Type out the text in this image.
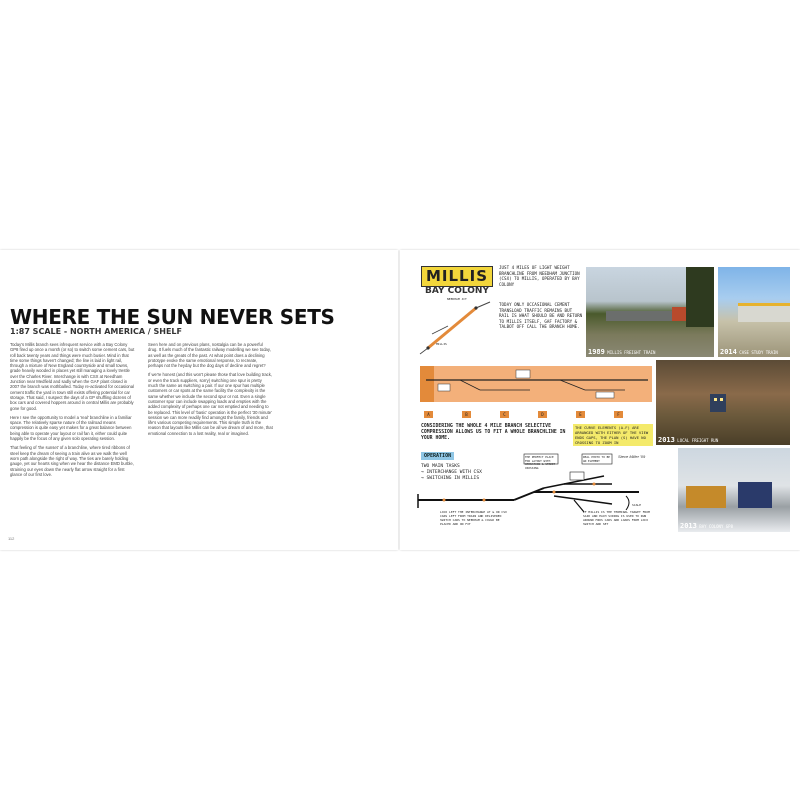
WHERE THE SUN NEVER SETS
1:87 SCALE - NORTH AMERICA / SHELF

Today's Millis branch sees infrequent service with a Bay Colony GP8 fired up once a month (or so) to switch some cement cars, but roll back twenty years and things were much busier. Mind in that time some things haven't changed; the line is laid in light rail, through a mixture of New England countryside and small towns, grade heavily wooded in places yet still managing a lovely trestle over the Charles River. Interchange is with CSX at Needham Junction near Medfield and sadly when the GAF plant closed in 2007 the branch was mothballed. Today re-activated for occasional cement traffic the yard in town still exists offering potential for car storage. That said, I suspect the days of a GP shuffling dozens of box cars and covered hoppers around in central Millis are probably gone for good.

Here I see the opportunity to model a 'real' branchline in a familiar space. The relatively sparse nature of the railroad means compression is quite easy yet makes for a great balance between being able to operate your layout or rail fan it, either could quite happily be the focus of any given solo operating session.

That feeling of 'the sunset' of a branchline, where tired ribbons of steel keep the dream of seeing a train alive as we walk the well worn path alongside the right of way. The ties are barely holding gauge, yet our hearts sing when we hear the distance EMD burble, straining our eyes down the nearly flat arrow straight for a first glance of our first love.

Seen here and on previous plans, nostalgia can be a powerful drug. It fuels much of the fantastic railway modelling we see today, as well as the greats of the past. At what point does a declining prototype evoke the same emotional response, to recreate, perhaps not the heyday but the dog days of decline and regret?

If we're honest (and this won't please those that love building track, or even the track suppliers, sorry) switching one spur is pretty much the same as switching a pair. If our one spur has multiple customers or car spots at the same facility the complexity is the same whether we include the second spur or not. Even a single customer spur can include swapping loads and empties with the added complexity of perhaps one car not emptied and needing to be replaced. This level of 'basic' operation is the perfect '30 minute' session we can more readily find amongst the family, friends and life's various competing requirements. This simple truth is the reason that layouts like Millis can be all we dream of and more, that emotional connection to a lost reality, real or imagined.

112
MILLIS
BAY COLONY
JUST 4 MILES OF LIGHT WEIGHT BRANCHLINE FROM NEEDHAM JUNCTION (CSX) TO MILLIS, OPERATED BY BAY COLONY
TODAY ONLY OCCASIONAL CEMENT TRANSLOAD TRAFFIC REMAINS BUT RAIL IS WHAT SHOULD BE AND RETURN TO MILLIS ITSELF, GAF FACTORY & TALBOT OFF CALL THE BRANCH HOME.
NEEDHAM JCT
MILLIS
A	B	C	D	E	F
CONSIDERING THE WHOLE 4 MILE BRANCH SELECTIVE COMPRESSION ALLOWS US TO FIT A WHOLE BRANCHLINE IN YOUR HOME.
THE CURVE ELEMENTS (A-F) ARE ARRANGED WITH EITHER OF THE VIEW ENDS GAPS, THE PLAN (S) HAVE NO CROSSING TO ZOOM IN
OPERATION
TWO MAIN TASKS
→ INTERCHANGE WITH CSX
→ SWITCHING IN MILLIS
THE PERFECT PLACE FOR LAYOUT WITH OPERATION & STREET CROSSING
REAL PHOTO TO BE AN ELEMENT
Steve Miller '09
SCALE
LOCO LEFT THE INTERCHANGE AT & OR CSX CARS LEFT FROM TRAIN AND DELIVERED SWITCH CARS TO NEEDHAM & COULD BE PLACED AND ON FIT
IF MILLIS IS THE TERMINAL TARGET FROM SAID AND EACH SIDING IS USED TO RUN AROUND MIDS CARS AND LOADS FROM LOCO SWITCH AND SET
1989 MILLIS FREIGHT TRAIN	2014 CASE STUDY TRAIN
2013 LOCAL FREIGHT RUN
2013 BAY COLONY GP8
